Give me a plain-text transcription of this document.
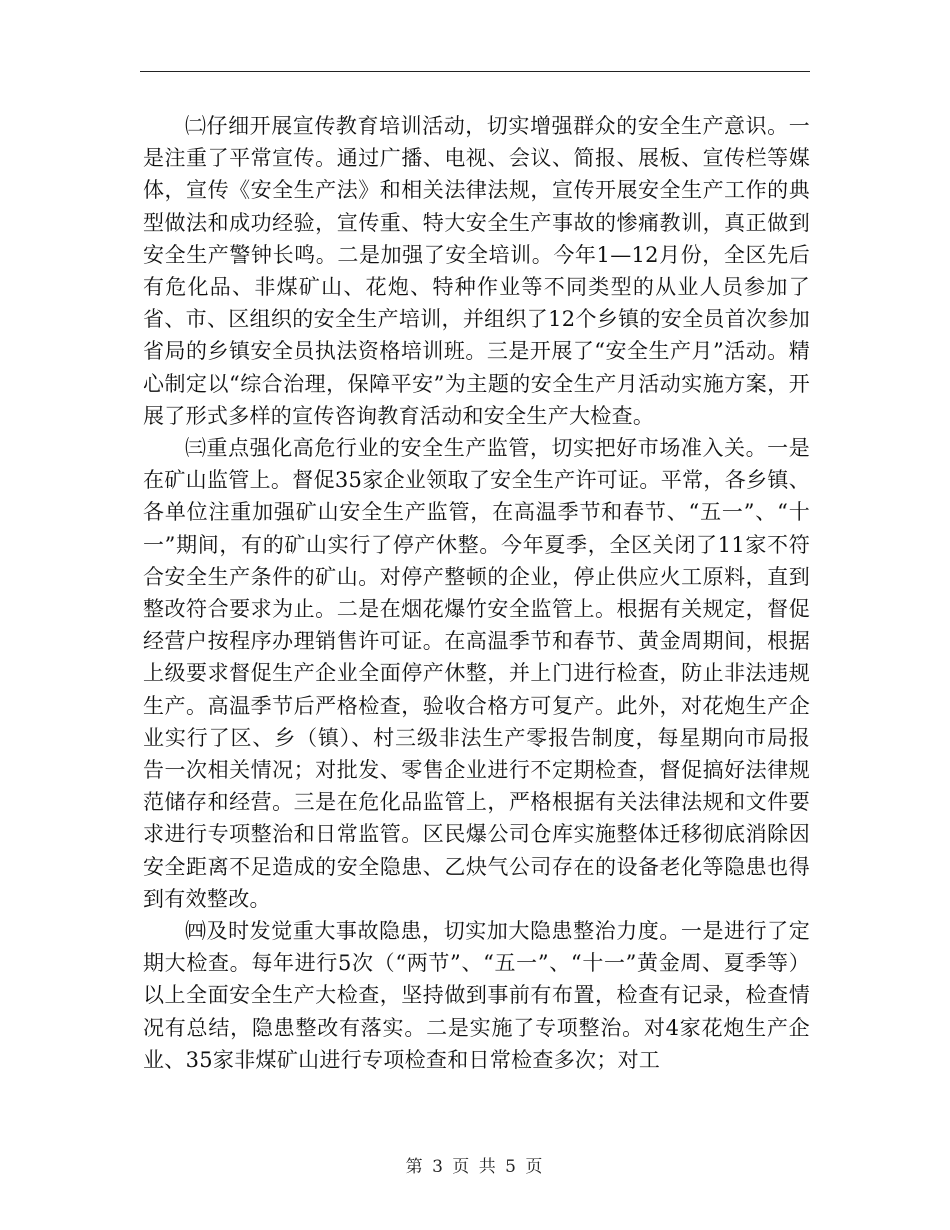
㈡仔细开展宣传教育培训活动，切实增强群众的安全生产意识。一是注重了平常宣传。通过广播、电视、会议、简报、展板、宣传栏等媒体，宣传《安全生产法》和相关法律法规，宣传开展安全生产工作的典型做法和成功经验，宣传重、特大安全生产事故的惨痛教训，真正做到安全生产警钟长鸣。二是加强了安全培训。今年1—12月份，全区先后有危化品、非煤矿山、花炮、特种作业等不同类型的从业人员参加了省、市、区组织的安全生产培训，并组织了12个乡镇的安全员首次参加省局的乡镇安全员执法资格培训班。三是开展了“安全生产月”活动。精心制定以“综合治理，保障平安”为主题的安全生产月活动实施方案，开展了形式多样的宣传咨询教育活动和安全生产大检查。

㈢重点强化高危行业的安全生产监管，切实把好市场准入关。一是在矿山监管上。督促35家企业领取了安全生产许可证。平常，各乡镇、各单位注重加强矿山安全生产监管，在高温季节和春节、“五一”、“十一”期间，有的矿山实行了停产休整。今年夏季，全区关闭了11家不符合安全生产条件的矿山。对停产整顿的企业，停止供应火工原料，直到整改符合要求为止。二是在烟花爆竹安全监管上。根据有关规定，督促经营户按程序办理销售许可证。在高温季节和春节、黄金周期间，根据上级要求督促生产企业全面停产休整，并上门进行检查，防止非法违规生产。高温季节后严格检查，验收合格方可复产。此外，对花炮生产企业实行了区、乡（镇）、村三级非法生产零报告制度，每星期向市局报告一次相关情况；对批发、零售企业进行不定期检查，督促搞好法律规范储存和经营。三是在危化品监管上，严格根据有关法律法规和文件要求进行专项整治和日常监管。区民爆公司仓库实施整体迁移彻底消除因安全距离不足造成的安全隐患、乙炔气公司存在的设备老化等隐患也得到有效整改。

㈣及时发觉重大事故隐患，切实加大隐患整治力度。一是进行了定期大检查。每年进行5次（“两节”、“五一”、“十一”黄金周、夏季等）以上全面安全生产大检查，坚持做到事前有布置，检查有记录，检查情况有总结，隐患整改有落实。二是实施了专项整治。对4家花炮生产企业、35家非煤矿山进行专项检查和日常检查多次；对工

第 3 页 共 5 页
